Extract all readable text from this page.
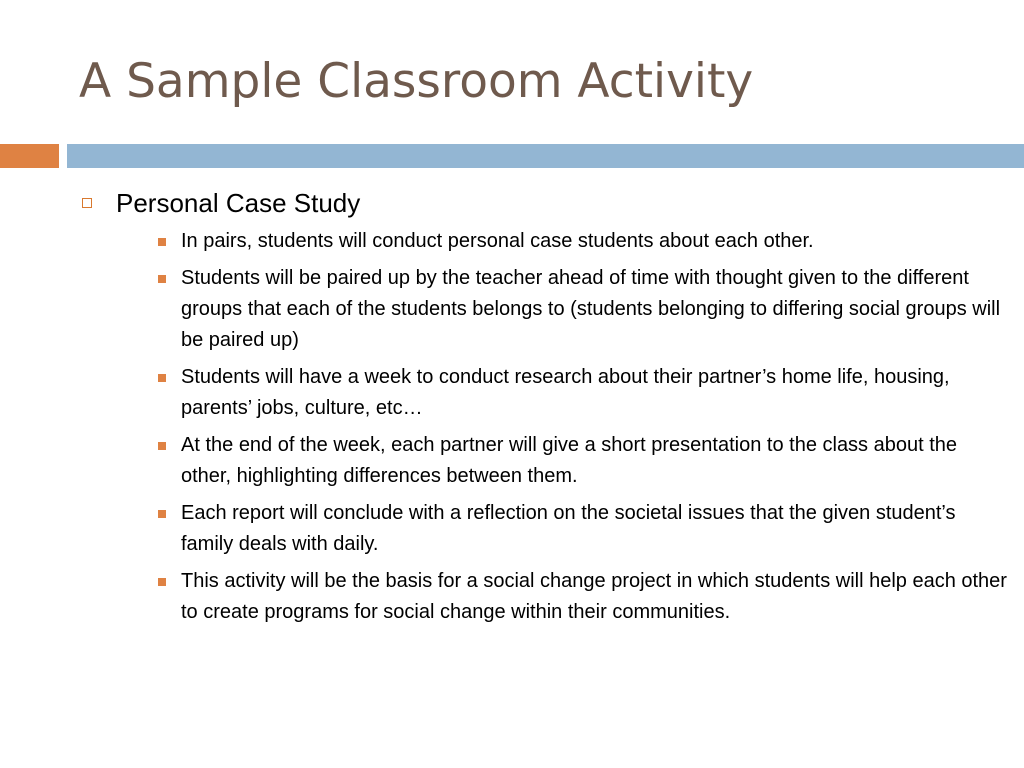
A Sample Classroom Activity
Personal Case Study
In pairs, students will conduct personal case students about each other.
Students will be paired up by the teacher ahead of time with thought given to the different groups that each of the students belongs to (students belonging to differing social groups will be paired up)
Students will have a week to conduct research about their partner’s home life, housing, parents’ jobs, culture, etc…
At the end of the week, each partner will give a short presentation to the class about the other, highlighting differences between them.
Each report will conclude with a reflection on the societal issues that the given student’s family deals with daily.
This activity will be the basis for a social change project in which students will help each other to create programs for social change within their communities.
